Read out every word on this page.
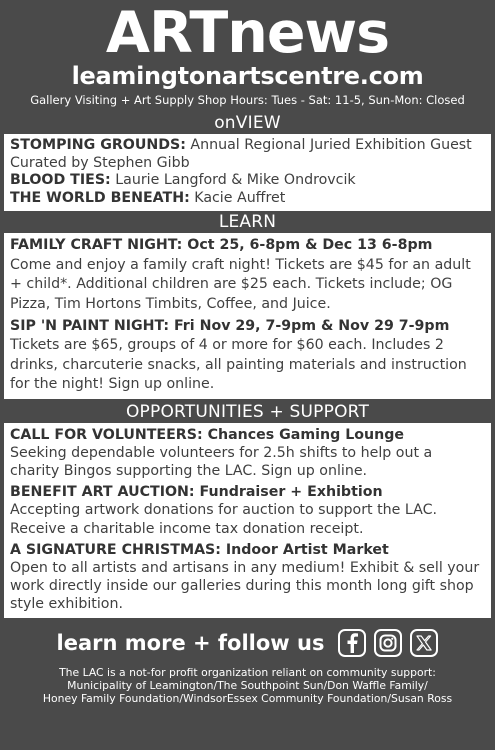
ARTnews
leamingtonartscentre.com
Gallery Visiting + Art Supply Shop Hours: Tues - Sat: 11-5, Sun-Mon: Closed
onVIEW

STOMPING GROUNDS: Annual Regional Juried Exhibition Guest Curated by Stephen Gibb

BLOOD TIES: Laurie Langford & Mike Ondrovcik

THE WORLD BENEATH: Kacie Auffret

LEARN
FAMILY CRAFT NIGHT: Oct 25, 6-8pm & Dec 13 6-8pm

Come and enjoy a family craft night! Tickets are $45 for an adult + child*. Additional children are $25 each. Tickets include; OG Pizza, Tim Hortons Timbits, Coffee, and Juice.

SIP 'N PAINT NIGHT: Fri Nov 29, 7-9pm & Nov 29 7-9pm

Tickets are $65, groups of 4 or more for $60 each. Includes 2 drinks, charcuterie snacks, all painting materials and instruction for the night! Sign up online.

OPPORTUNITIES + SUPPORT
CALL FOR VOLUNTEERS: Chances Gaming Lounge

Seeking dependable volunteers for 2.5h shifts to help out a charity Bingos supporting the LAC. Sign up online.

BENEFIT ART AUCTION: Fundraiser + Exhibtion

Accepting artwork donations for auction to support the LAC. Receive a charitable income tax donation receipt.

A SIGNATURE CHRISTMAS: Indoor Artist Market

Open to all artists and artisans in any medium! Exhibit & sell your work directly inside our galleries during this month long gift shop style exhibition.

learn more + follow us
The LAC is a not-for profit organization reliant on community support:
Municipality of Leamington/The Southpoint Sun/Don Waffle Family/
Honey Family Foundation/WindsorEssex Community Foundation/Susan Ross
